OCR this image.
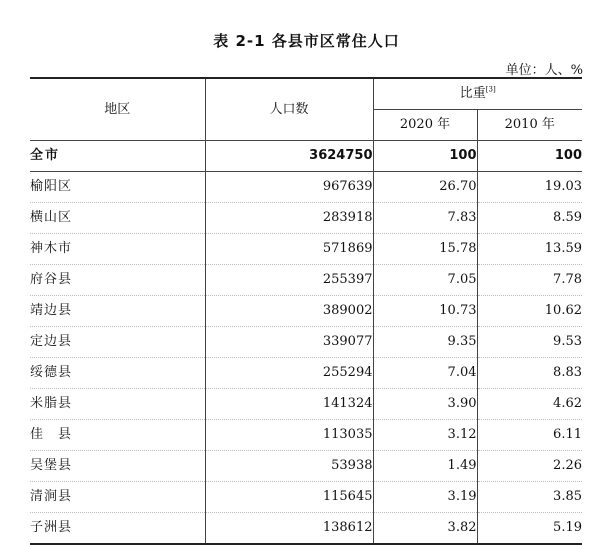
表 2-1 各县市区常住人口
单位：人、%
地区	人口数	比重[3]
		2020 年	2010 年
全市	3624750	100	100
榆阳区	967639	26.70	19.03
横山区	283918	7.83	8.59
神木市	571869	15.78	13.59
府谷县	255397	7.05	7.78
靖边县	389002	10.73	10.62
定边县	339077	9.35	9.53
绥德县	255294	7.04	8.83
米脂县	141324	3.90	4.62
佳　县	113035	3.12	6.11
吴堡县	53938	1.49	2.26
清涧县	115645	3.19	3.85
子洲县	138612	3.82	5.19
